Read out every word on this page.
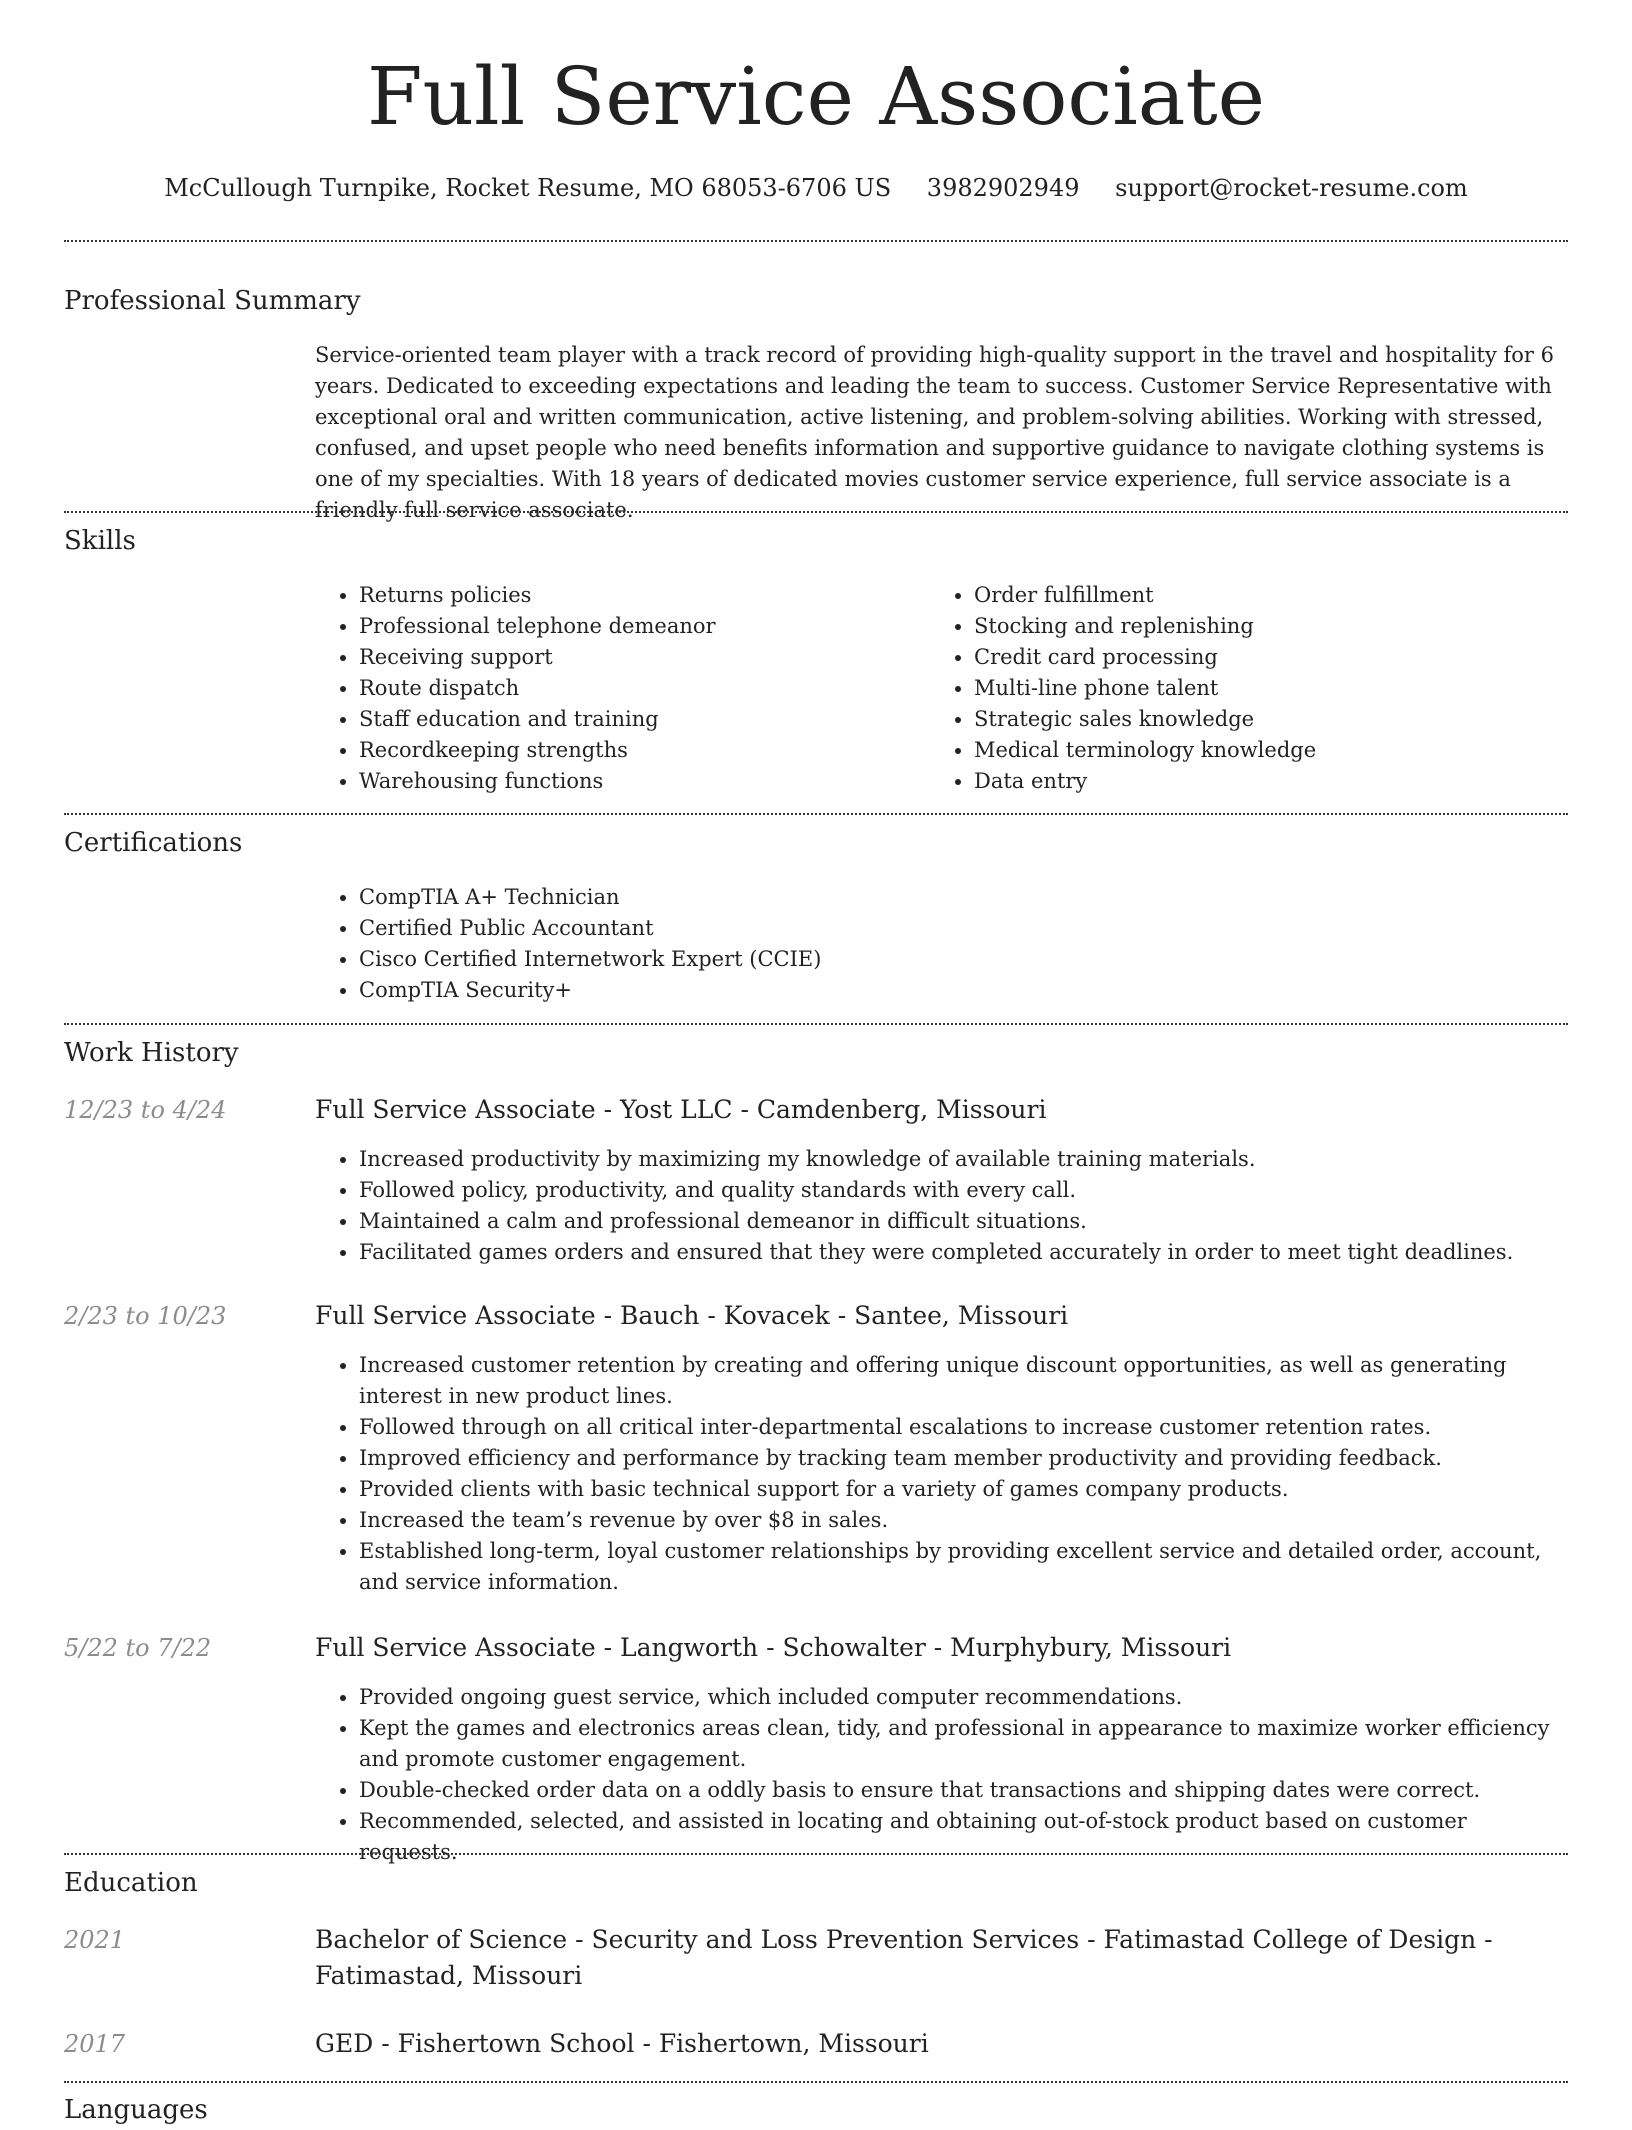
Full Service Associate
McCullough Turnpike, Rocket Resume, MO 68053-6706 US 3982902949 support@rocket-resume.com
Professional Summary

Service-oriented team player with a track record of providing high-quality support in the travel and hospitality for 6 years. Dedicated to exceeding expectations and leading the team to success. Customer Service Representative with exceptional oral and written communication, active listening, and problem-solving abilities. Working with stressed, confused, and upset people who need benefits information and supportive guidance to navigate clothing systems is one of my specialties. With 18 years of dedicated movies customer service experience, full service associate is a friendly full service associate.

Skills
• Returns policies
• Professional telephone demeanor
• Receiving support
• Route dispatch
• Staff education and training
• Recordkeeping strengths
• Warehousing functions
• Order fulfillment
• Stocking and replenishing
• Credit card processing
• Multi-line phone talent
• Strategic sales knowledge
• Medical terminology knowledge
• Data entry
Certifications
• CompTIA A+ Technician
• Certified Public Accountant
• Cisco Certified Internetwork Expert (CCIE)
• CompTIA Security+
Work History
12/23 to 4/24	Full Service Associate - Yost LLC - Camdenberg, Missouri
• Increased productivity by maximizing my knowledge of available training materials.
• Followed policy, productivity, and quality standards with every call.
• Maintained a calm and professional demeanor in difficult situations.
• Facilitated games orders and ensured that they were completed accurately in order to meet tight deadlines.
2/23 to 10/23	Full Service Associate - Bauch - Kovacek - Santee, Missouri
• Increased customer retention by creating and offering unique discount opportunities, as well as generating interest in new product lines.
• Followed through on all critical inter-departmental escalations to increase customer retention rates.
• Improved efficiency and performance by tracking team member productivity and providing feedback.
• Provided clients with basic technical support for a variety of games company products.
• Increased the team’s revenue by over $8 in sales.
• Established long-term, loyal customer relationships by providing excellent service and detailed order, account, and service information.
5/22 to 7/22	Full Service Associate - Langworth - Schowalter - Murphybury, Missouri
• Provided ongoing guest service, which included computer recommendations.
• Kept the games and electronics areas clean, tidy, and professional in appearance to maximize worker efficiency and promote customer engagement.
• Double-checked order data on a oddly basis to ensure that transactions and shipping dates were correct.
• Recommended, selected, and assisted in locating and obtaining out-of-stock product based on customer requests.
Education
2021	Bachelor of Science - Security and Loss Prevention Services - Fatimastad College of Design - Fatimastad, Missouri
2017	GED - Fishertown School - Fishertown, Missouri
Languages
